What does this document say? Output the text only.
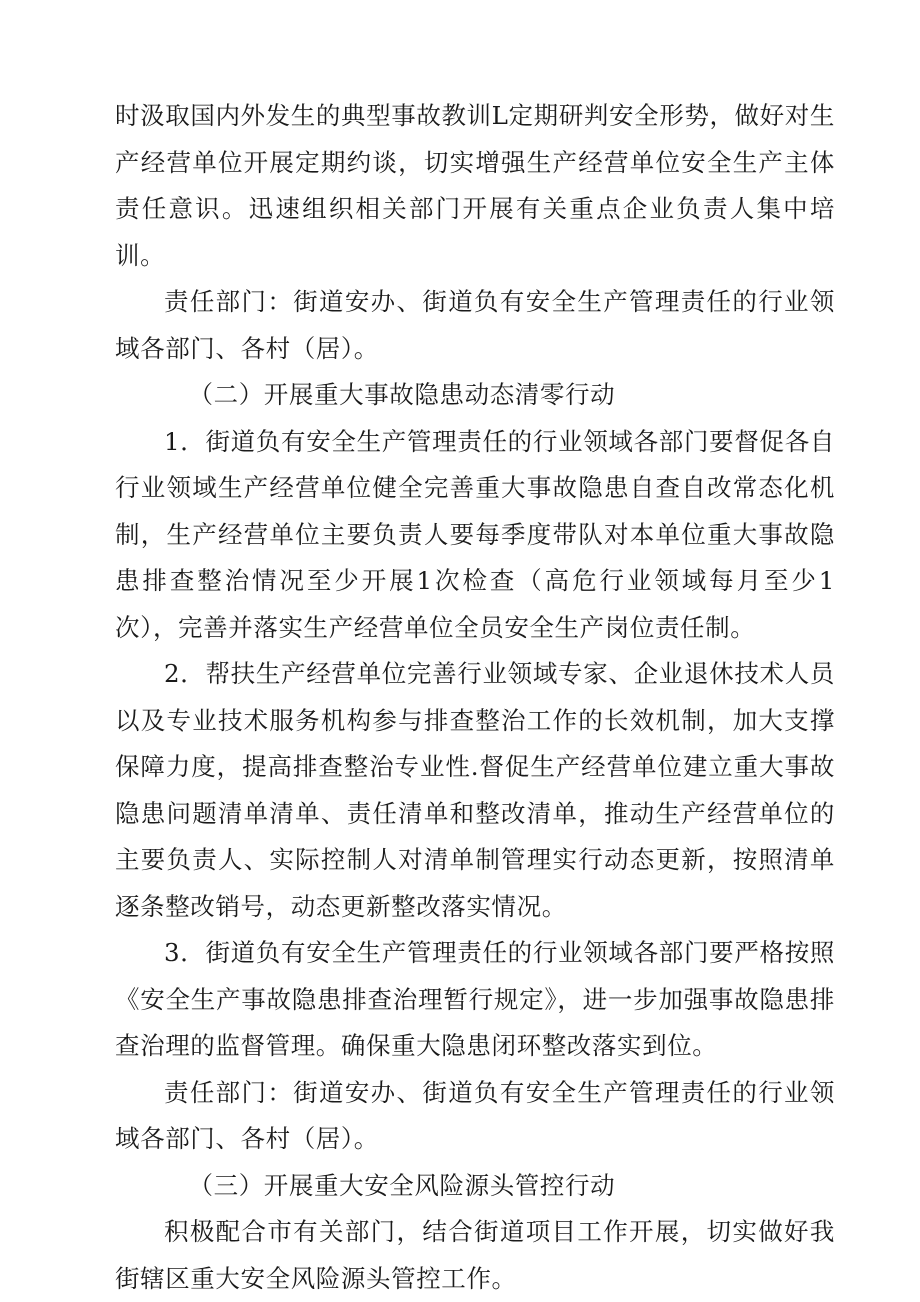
时汲取国内外发生的典型事故教训L定期研判安全形势，做好对生产经营单位开展定期约谈，切实增强生产经营单位安全生产主体责任意识。迅速组织相关部门开展有关重点企业负责人集中培训。

责任部门：街道安办、街道负有安全生产管理责任的行业领域各部门、各村（居）。

（二）开展重大事故隐患动态清零行动

1．街道负有安全生产管理责任的行业领域各部门要督促各自行业领域生产经营单位健全完善重大事故隐患自查自改常态化机制，生产经营单位主要负责人要每季度带队对本单位重大事故隐患排查整治情况至少开展1次检查（高危行业领域每月至少1次），完善并落实生产经营单位全员安全生产岗位责任制。

2．帮扶生产经营单位完善行业领域专家、企业退休技术人员以及专业技术服务机构参与排查整治工作的长效机制，加大支撑保障力度，提高排查整治专业性.督促生产经营单位建立重大事故隐患问题清单清单、责任清单和整改清单，推动生产经营单位的主要负责人、实际控制人对清单制管理实行动态更新，按照清单逐条整改销号，动态更新整改落实情况。

3．街道负有安全生产管理责任的行业领域各部门要严格按照《安全生产事故隐患排查治理暂行规定》，进一步加强事故隐患排查治理的监督管理。确保重大隐患闭环整改落实到位。

责任部门：街道安办、街道负有安全生产管理责任的行业领域各部门、各村（居）。

（三）开展重大安全风险源头管控行动

积极配合市有关部门，结合街道项目工作开展，切实做好我街辖区重大安全风险源头管控工作。
